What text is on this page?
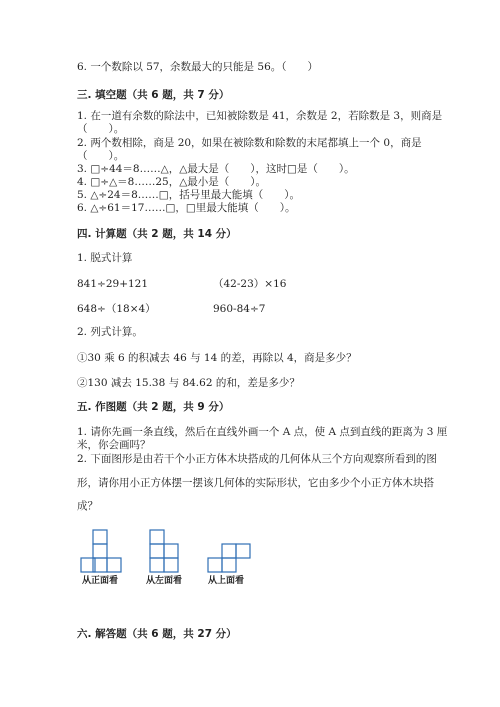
6. 一个数除以 57，余数最大的只能是 56。（　　）
三. 填空题（共 6 题，共 7 分）
1. 在一道有余数的除法中，已知被除数是 41，余数是 2，若除数是 3，则商是
（　　）。
2. 两个数相除，商是 20，如果在被除数和除数的末尾都填上一个 0，商是
（　　）。
3. □÷44＝8……△，△最大是（　　），这时□是（　　）。
4. □÷△＝8……25，△最小是（　　）。
5. △÷24＝8……□，括号里最大能填（　　）。
6. △÷61＝17……□，□里最大能填（　　）。
四. 计算题（共 2 题，共 14 分）
1. 脱式计算
841÷29+121	（42-23）×16
648÷（18×4）	960-84÷7
2. 列式计算。
①30 乘 6 的积减去 46 与 14 的差，再除以 4，商是多少？
②130 减去 15.38 与 84.62 的和，差是多少？
五. 作图题（共 2 题，共 9 分）
1. 请你先画一条直线，然后在直线外画一个 A 点，使 A 点到直线的距离为 3 厘
米，你会画吗？
2. 下面图形是由若干个小正方体木块搭成的几何体从三个方向观察所看到的图
形，请你用小正方体摆一摆该几何体的实际形状，它由多少个小正方体木块搭
成？
从正面看	从左面看	从上面看
六. 解答题（共 6 题，共 27 分）
